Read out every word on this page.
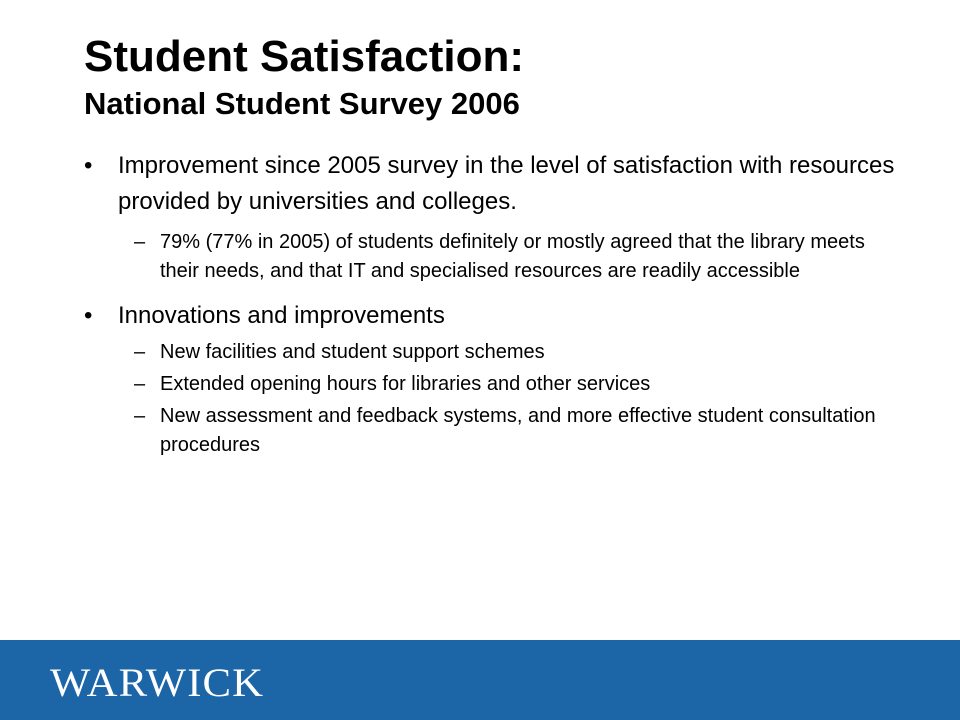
Student Satisfaction:
National Student Survey 2006

• Improvement since 2005 survey in the level of satisfaction with resources provided by universities and colleges.

– 79% (77% in 2005) of students definitely or mostly agreed that the library meets their needs, and that IT and specialised resources are readily accessible

• Innovations and improvements

– New facilities and student support schemes

– Extended opening hours for libraries and other services

– New assessment and feedback systems, and more effective student consultation procedures

WARWICK
